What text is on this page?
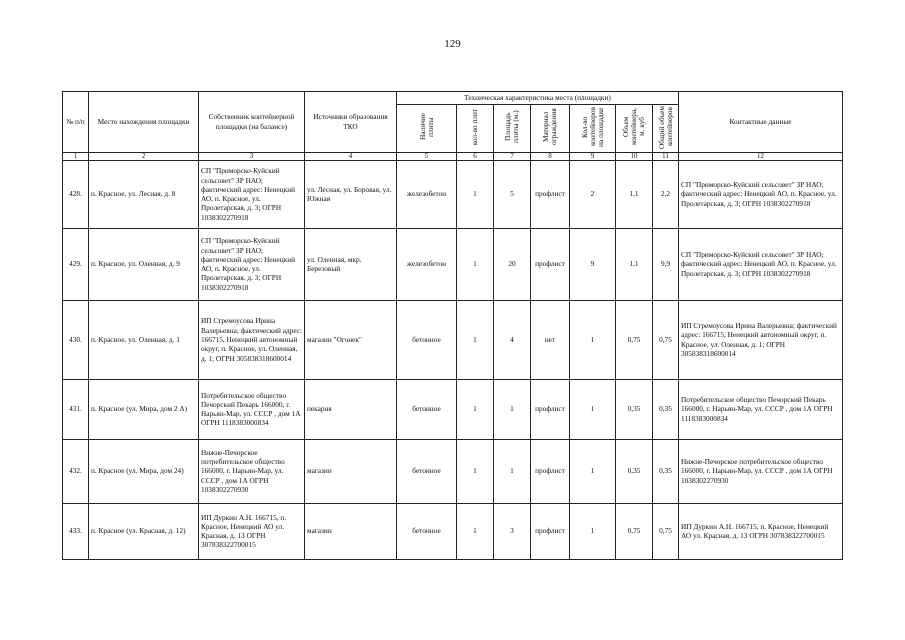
129
№ п/п	Место нахождения площадки	Собственник контейнерной площадки (на балансе)	Источники образования ТКО	Техническая характеристика места (площадки)							Контактные данные
				Наличие плиты	кол-во плит	Площадь плиты (м.)	Материал ограждения	Кол-во контейнеров на площадке	Объем контейнера, м. куб	Общий объем контейнеров	
1	2	3	4	5	6	7	8	9	10	11	12
428.	п. Красное, ул. Лесная, д. 8	СП "Приморско-Куйский сельсовет" ЗР НАО; фактический адрес: Ненецкий АО, п. Красное, ул. Пролетарская, д. 3; ОГРН 1038302270918	ул. Лесная, ул. Боровая, ул. Южная	железобетон	1	5	профлист	2	1,1	2,2	СП "Приморско-Куйский сельсовет" ЗР НАО; фактический адрес: Ненецкий АО, п. Красное, ул. Пролетарская, д. 3; ОГРН 1038302270918
429.	п. Красное, ул. Оленная, д. 9	СП "Приморско-Куйский сельсовет" ЗР НАО; фактический адрес: Ненецкий АО, п. Красное, ул. Пролетарская, д. 3; ОГРН 1038302270918	ул. Оленная, мкр. Березовый	железобетон	1	20	профлист	9	1,1	9,9	СП "Приморско-Куйский сельсовет" ЗР НАО; фактический адрес: Ненецкий АО, п. Красное, ул. Пролетарская, д. 3; ОГРН 1038302270918
430.	п. Красное, ул. Оленная, д. 1	ИП Стремоусова Ирина Валерьевна; фактический адрес: 166715, Ненецкий автономный округ, п. Красное, ул. Оленная, д. 1; ОГРН 305838318600014	магазин "Огонек"	бетонное	1	4	нет	1	0,75	0,75	ИП Стремоусова Ирина Валерьевна; фактический адрес: 166715, Ненецкий автономный округ, п. Красное, ул. Оленная, д. 1; ОГРН 305838318600014
431.	п. Красное (ул. Мира, дом 2 А)	Потребительское общество Печорский Пекарь 166000, г. Нарьян-Мар, ул. СССР , дом 1А ОГРН 1118383000834	пекарня	бетонное	1	1	профлист	1	0,35	0,35	Потребительское общество Печорский Пекарь 166000, г. Нарьян-Мар, ул. СССР , дом 1А ОГРН 1118383000834
432.	п. Красное (ул. Мира, дом 24)	Нижне-Печорское потребительское общество 166000, г. Нарьян-Мар, ул. СССР , дом 1А ОГРН 1038302270930	магазин	бетонное	1	1	профлист	1	0,35	0,35	Нижне-Печорское потребительское общество 166000, г. Нарьян-Мар, ул. СССР , дом 1А ОГРН 1038302270930
433.	п. Красное (ул. Красная, д. 12)	ИП Дуркин А.Н. 166715, п. Красное, Ненецкий АО ул. Красная, д. 13 ОГРН 307838322700015	магазин	бетонное	1	3	профлист	1	0,75	0,75	ИП Дуркин А.Н. 166715, п. Красное, Ненецкий АО ул. Красная, д. 13 ОГРН 307838322700015
